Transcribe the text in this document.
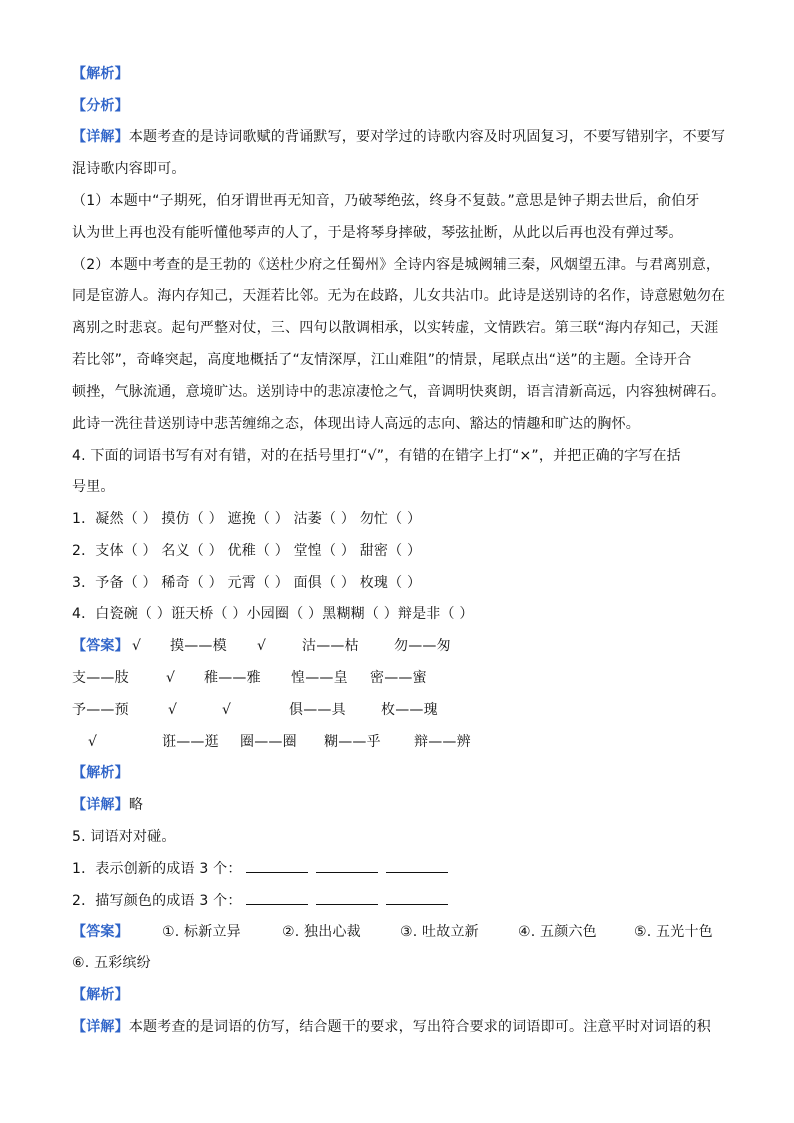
【解析】
【分析】
【详解】本题考查的是诗词歌赋的背诵默写，要对学过的诗歌内容及时巩固复习，不要写错别字，不要写
混诗歌内容即可。
（1）本题中“子期死，伯牙谓世再无知音，乃破琴绝弦，终身不复鼓。”意思是钟子期去世后，俞伯牙
认为世上再也没有能听懂他琴声的人了，于是将琴身摔破，琴弦扯断，从此以后再也没有弹过琴。
（2）本题中考查的是王勃的《送杜少府之任蜀州》全诗内容是城阙辅三秦，风烟望五津。与君离别意，
同是宦游人。海内存知己，天涯若比邻。无为在歧路，儿女共沾巾。此诗是送别诗的名作，诗意慰勉勿在
离别之时悲哀。起句严整对仗，三、四句以散调相承，以实转虚，文情跌宕。第三联“海内存知己，天涯
若比邻”，奇峰突起，高度地概括了“友情深厚，江山难阻”的情景，尾联点出“送”的主题。全诗开合
顿挫，气脉流通，意境旷达。送别诗中的悲凉凄怆之气，音调明快爽朗，语言清新高远，内容独树碑石。
此诗一洗往昔送别诗中悲苦缠绵之态，体现出诗人高远的志向、豁达的情趣和旷达的胸怀。
4. 下面的词语书写有对有错，对的在括号里打“√”，有错的在错字上打“×”，并把正确的字写在括
号里。
1．凝然（ ） 摸仿（ ） 遮挽（ ） 沽萎（ ） 勿忙（ ）
2．支体（ ） 名义（ ） 优稚（ ） 堂惶（ ） 甜密（ ）
3．予备（ ） 稀奇（ ） 元霄（ ） 面俱（ ） 枚瑰（ ）
4．白瓷碗（ ）诳天桥（ ）小园圈（ ）黑糊糊（ ）辩是非（ ）
【答案】 √ 摸——模 √	沽——枯	勿——匆
支——肢	√ 稚——雅 惶——皇 密——蜜
予——预	√	√	俱——具	枚——瑰
√	诳——逛 圈——圈 糊——乎 辩——辨
【解析】
【详解】略
5. 词语对对碰。
1．表示创新的成语 3 个：
2．描写颜色的成语 3 个：
【答案】 ①. 标新立异	②. 独出心裁	③. 吐故立新	④. 五颜六色	⑤. 五光十色
⑥. 五彩缤纷
【解析】
【详解】本题考查的是词语的仿写，结合题干的要求，写出符合要求的词语即可。注意平时对词语的积
